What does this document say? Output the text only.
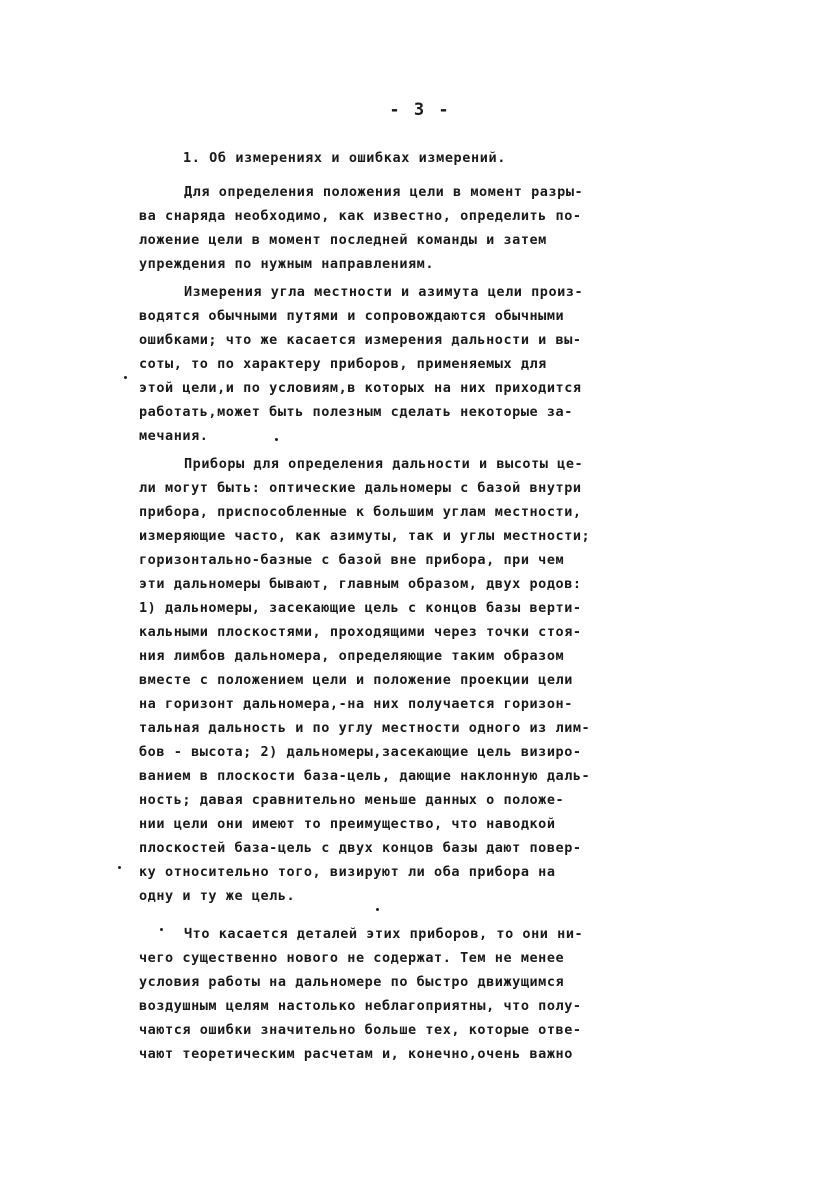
- 3 -
1. Об измерениях и ошибках измерений.
Для определения положения цели в момент разры-
ва снаряда необходимо, как известно, определить по-
ложение цели в момент последней команды и затем
упреждения по нужным направлениям.
Измерения угла местности и азимута цели произ-
водятся обычными путями и сопровождаются обычными
ошибками; что же касается измерения дальности и вы-
соты, то по характеру приборов, применяемых для
этой цели,и по условиям,в которых на них приходится
работать,может быть полезным сделать некоторые за-
мечания.
Приборы для определения дальности и высоты це-
ли могут быть: оптические дальномеры с базой внутри
прибора, приспособленные к большим углам местности,
измеряющие часто, как азимуты, так и углы местности;
горизонтально-базные с базой вне прибора, при чем
эти дальномеры бывают, главным образом, двух родов:
1) дальномеры, засекающие цель с концов базы верти-
кальными плоскостями, проходящими через точки стоя-
ния лимбов дальномера, определяющие таким образом
вместе с положением цели и положение проекции цели
на горизонт дальномера,-на них получается горизон-
тальная дальность и по углу местности одного из лим-
бов - высота; 2) дальномеры,засекающие цель визиро-
ванием в плоскости база-цель, дающие наклонную даль-
ность; давая сравнительно меньше данных о положе-
нии цели они имеют то преимущество, что наводкой
плоскостей база-цель с двух концов базы дают повер-
ку относительно того, визируют ли оба прибора на
одну и ту же цель.
Что касается деталей этих приборов, то они ни-
чего существенно нового не содержат. Тем не менее
условия работы на дальномере по быстро движущимся
воздушным целям настолько неблагоприятны, что полу-
чаются ошибки значительно больше тех, которые отве-
чают теоретическим расчетам и, конечно,очень важно
